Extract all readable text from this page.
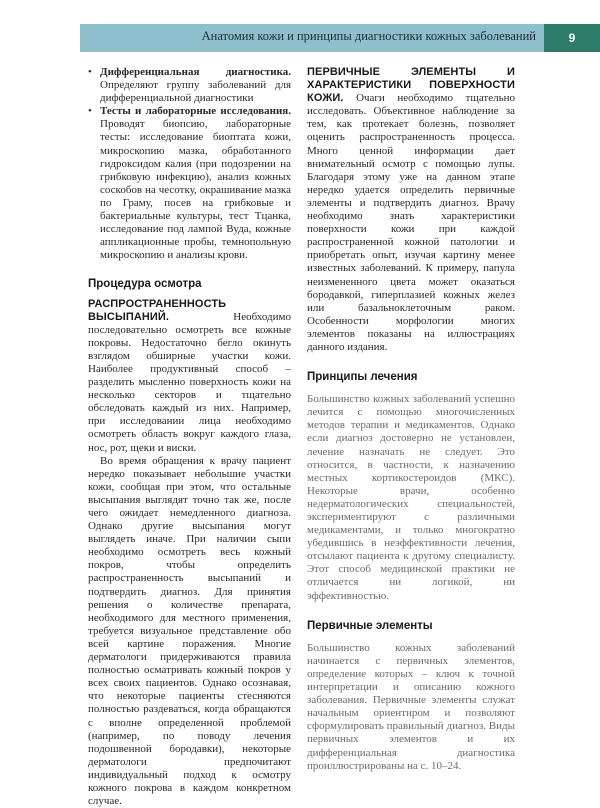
Анатомия кожи и принципы диагностики кожных заболеваний	9
• Дифференциальная диагностика. Определяют группу заболеваний для дифференциальной диагностики
• Тесты и лабораторные исследования. Проводят биопсию, лабораторные тесты: исследование биоптата кожи, микроскопию мазка, обработанного гидроксидом калия (при подозрении на грибковую инфекцию), анализ кожных соскобов на чесотку, окрашивание мазка по Граму, посев на грибковые и бактериальные культуры, тест Тцанка, исследование под лампой Вуда, кожные аппликационные пробы, темнопольную микроскопию и анализы крови.
Процедура осмотра

РАСПРОСТРАНЕННОСТЬ ВЫСЫПАНИЙ. Необходимо последовательно осмотреть все кожные покровы. Недостаточно бегло окинуть взглядом обширные участки кожи. Наиболее продуктивный способ – разделить мысленно поверхность кожи на несколько секторов и тщательно обследовать каждый из них. Например, при исследовании лица необходимо осмотреть область вокруг каждого глаза, нос, рот, щеки и виски.

Во время обращения к врачу пациент нередко показывает небольшие участки кожи, сообщая при этом, что остальные высыпания выглядят точно так же, после чего ожидает немедленного диагноза. Однако другие высыпания могут выглядеть иначе. При наличии сыпи необходимо осмотреть весь кожный покров, чтобы определить распространенность высыпаний и подтвердить диагноз. Для принятия решения о количестве препарата, необходимого для местного применения, требуется визуальное представление обо всей картине поражения. Многие дерматологи придерживаются правила полностью осматривать кожный покров у всех своих пациентов. Однако осознавая, что некоторые пациенты стесняются полностью раздеваться, когда обращаются с вполне определенной проблемой (например, по поводу лечения подошвенной бородавки), некоторые дерматологи предпочитают индивидуальный подход к осмотру кожного покрова в каждом конкретном случае.

ПЕРВИЧНЫЕ ЭЛЕМЕНТЫ И ХАРАКТЕРИСТИКИ ПОВЕРХНОСТИ КОЖИ. Очаги необходимо тщательно исследовать. Объективное наблюдение за тем, как протекает болезнь, позволяет оценить распространенность процесса. Много ценной информации дает внимательный осмотр с помощью лупы. Благодаря этому уже на данном этапе нередко удается определить первичные элементы и подтвердить диагноз. Врачу необходимо знать характеристики поверхности кожи при каждой распространенной кожной патологии и приобретать опыт, изучая картину менее известных заболеваний. К примеру, папула неизмененного цвета может оказаться бородавкой, гиперплазией кожных желез или базальноклеточным раком. Особенности морфологии многих элементов показаны на иллюстрациях данного издания.

Принципы лечения

Большинство кожных заболеваний успешно лечится с помощью многочисленных методов терапии и медикаментов. Однако если диагноз достоверно не установлен, лечение назначать не следует. Это относится, в частности, к назначению местных кортикостероидов (МКС). Некоторые врачи, особенно недерматологических специальностей, экспериментируют с различными медикаментами, и только многократно убедившись в неэффективности лечения, отсылают пациента к другому специалисту. Этот способ медицинской практики не отличается ни логикой, ни эффективностью.

Первичные элементы

Большинство кожных заболеваний начинается с первичных элементов, определение которых – ключ к точной интерпретации и описанию кожного заболевания. Первичные элементы служат начальным ориентиром и позволяют сформулировать правильный диагноз. Виды первичных элементов и их дифференциальная диагностика проиллюстрированы на с. 10–24.
